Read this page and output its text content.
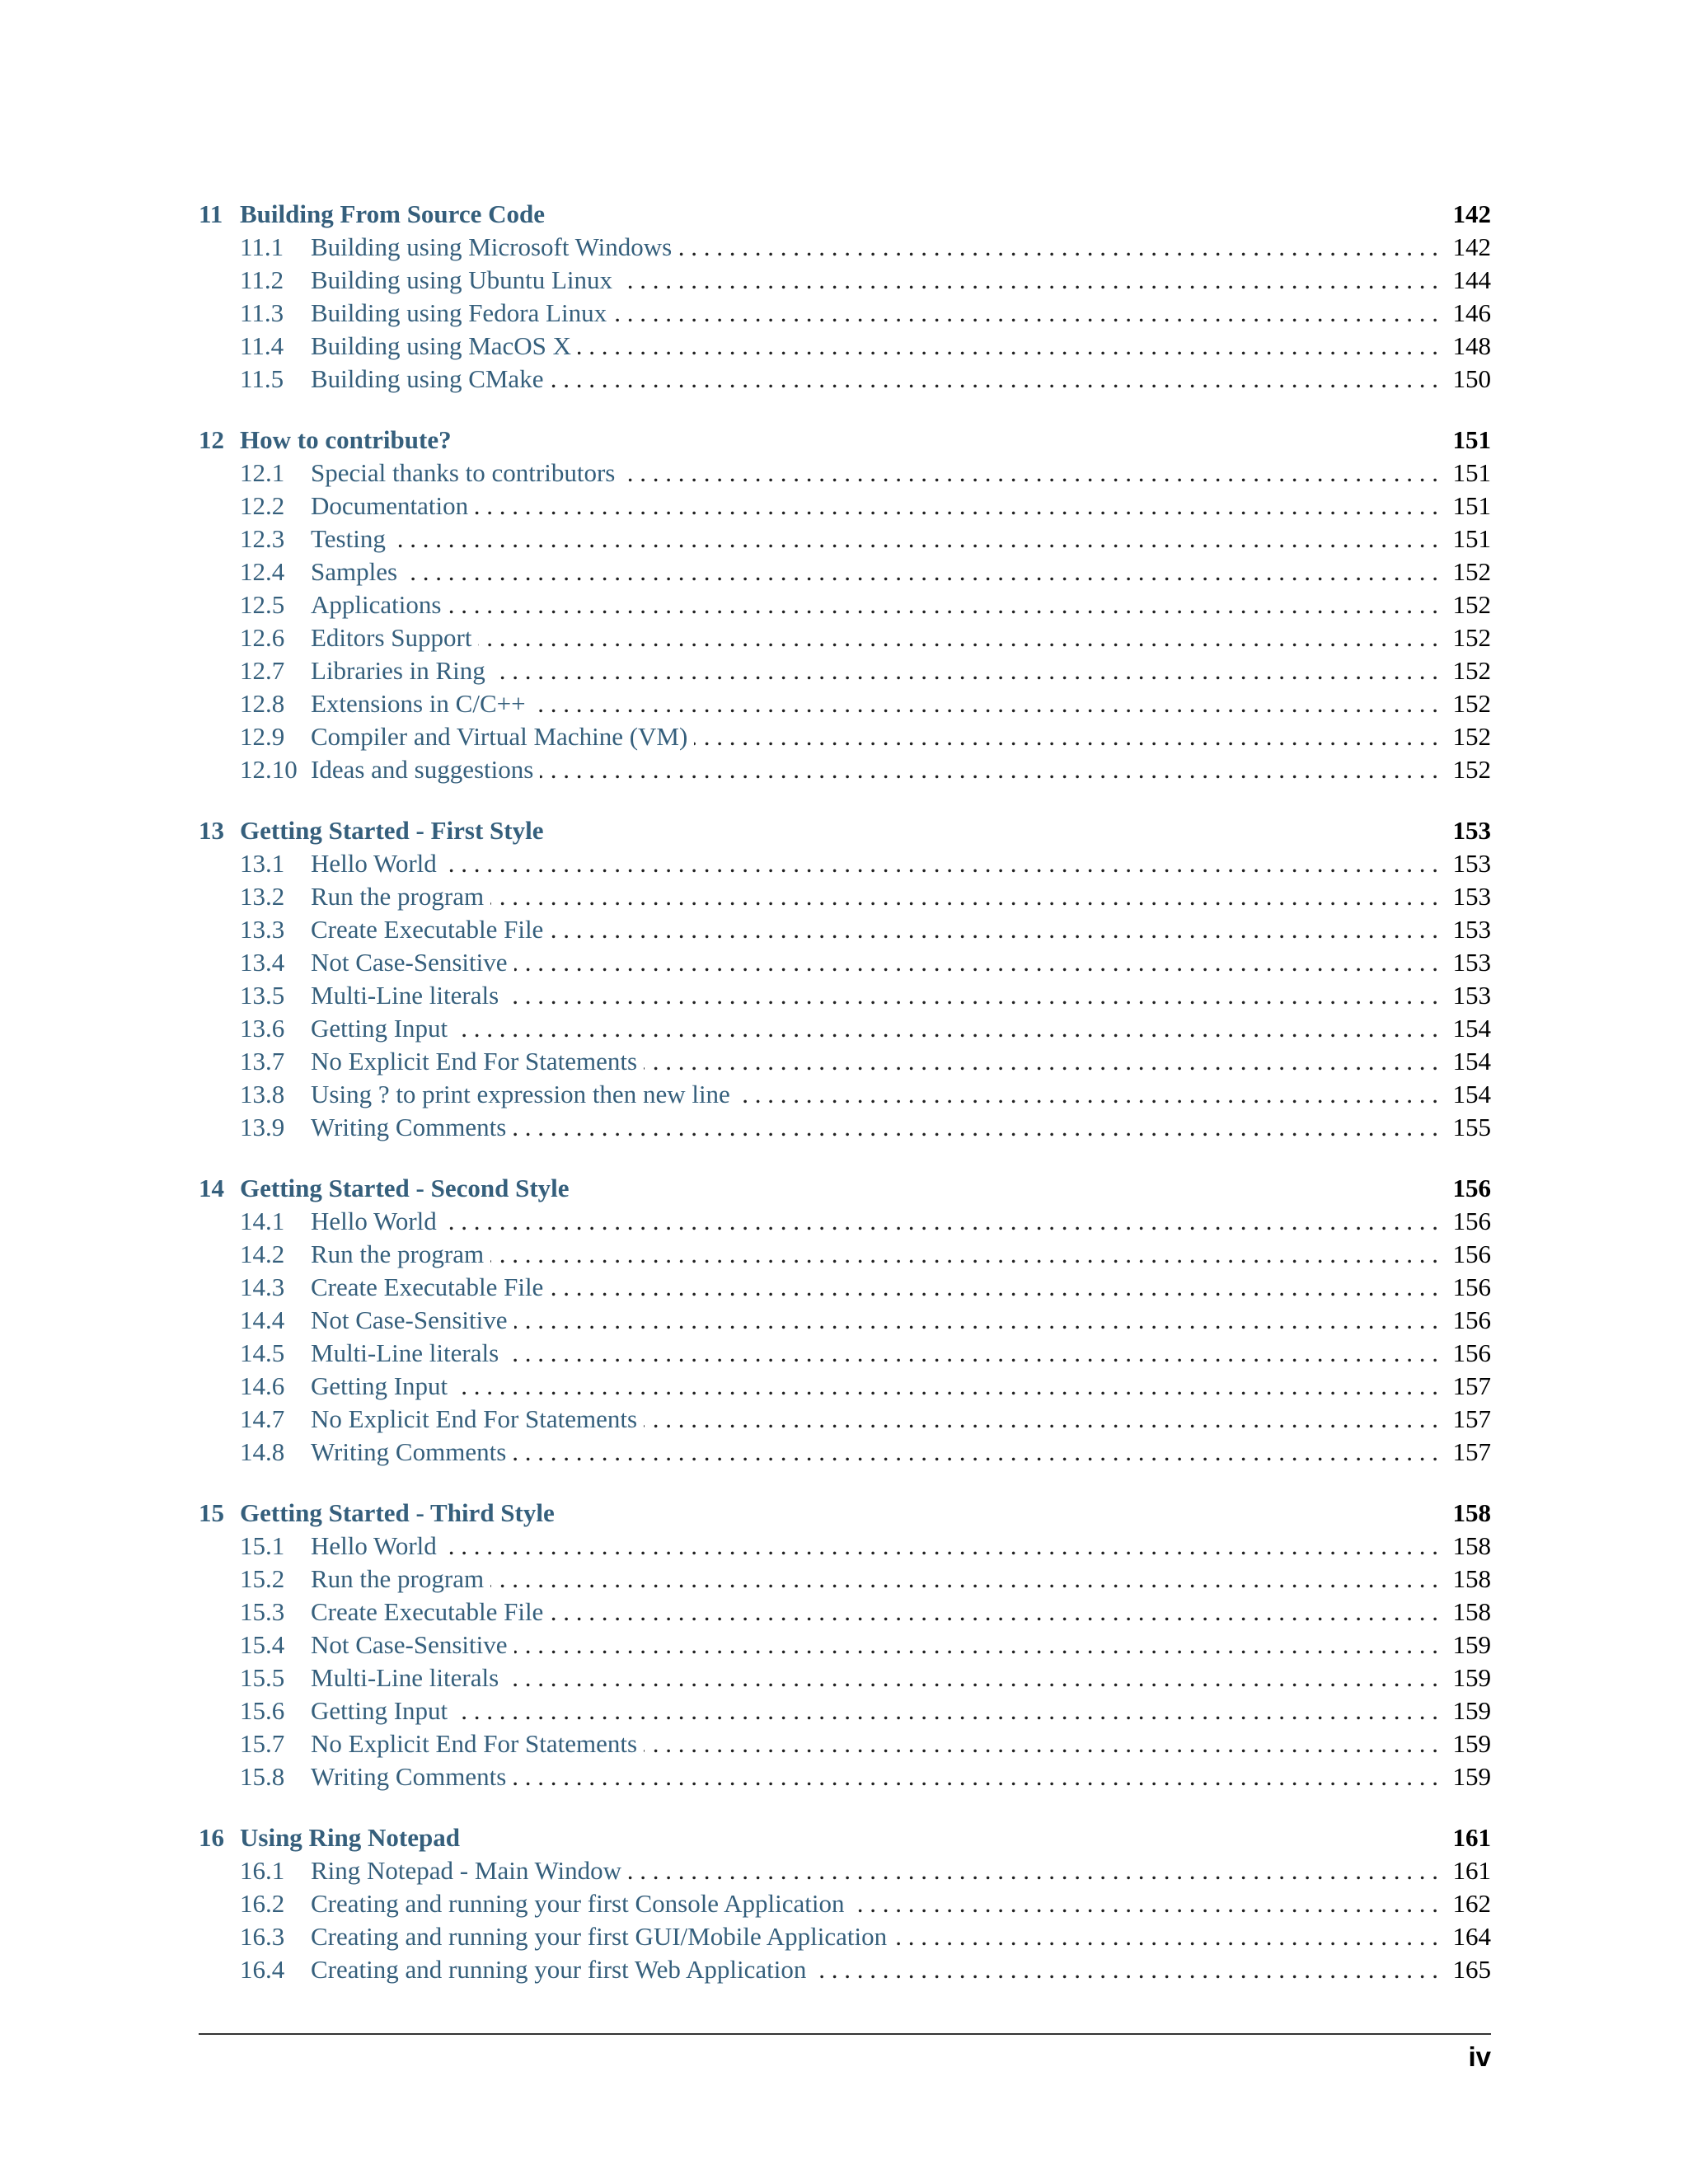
11 Building From Source Code	142
11.1	Building using Microsoft Windows . . .	142
11.2	Building using Ubuntu Linux . . .	144
11.3	Building using Fedora Linux . . .	146
11.4	Building using MacOS X . . .	148
11.5	Building using CMake . . .	150
12 How to contribute?	151
12.1	Special thanks to contributors . . .	151
12.2	Documentation . . .	151
12.3	Testing . . .	151
12.4	Samples . . .	152
12.5	Applications . . .	152
12.6	Editors Support . . .	152
12.7	Libraries in Ring . . .	152
12.8	Extensions in C/C++ . . .	152
12.9	Compiler and Virtual Machine (VM) . . .	152
12.10 Ideas and suggestions . . .	152
13 Getting Started - First Style	153
13.1	Hello World . . .	153
13.2	Run the program . . .	153
13.3	Create Executable File . . .	153
13.4	Not Case-Sensitive . . .	153
13.5	Multi-Line literals . . .	153
13.6	Getting Input . . .	154
13.7	No Explicit End For Statements . . .	154
13.8	Using ? to print expression then new line . . .	154
13.9	Writing Comments . . .	155
14 Getting Started - Second Style	156
14.1	Hello World . . .	156
14.2	Run the program . . .	156
14.3	Create Executable File . . .	156
14.4	Not Case-Sensitive . . .	156
14.5	Multi-Line literals . . .	156
14.6	Getting Input . . .	157
14.7	No Explicit End For Statements . . .	157
14.8	Writing Comments . . .	157
15 Getting Started - Third Style	158
15.1	Hello World . . .	158
15.2	Run the program . . .	158
15.3	Create Executable File . . .	158
15.4	Not Case-Sensitive . . .	159
15.5	Multi-Line literals . . .	159
15.6	Getting Input . . .	159
15.7	No Explicit End For Statements . . .	159
15.8	Writing Comments . . .	159
16 Using Ring Notepad	161
16.1	Ring Notepad - Main Window . . .	161
16.2	Creating and running your first Console Application . . .	162
16.3	Creating and running your first GUI/Mobile Application . . .	164
16.4	Creating and running your first Web Application . . .	165
iv
